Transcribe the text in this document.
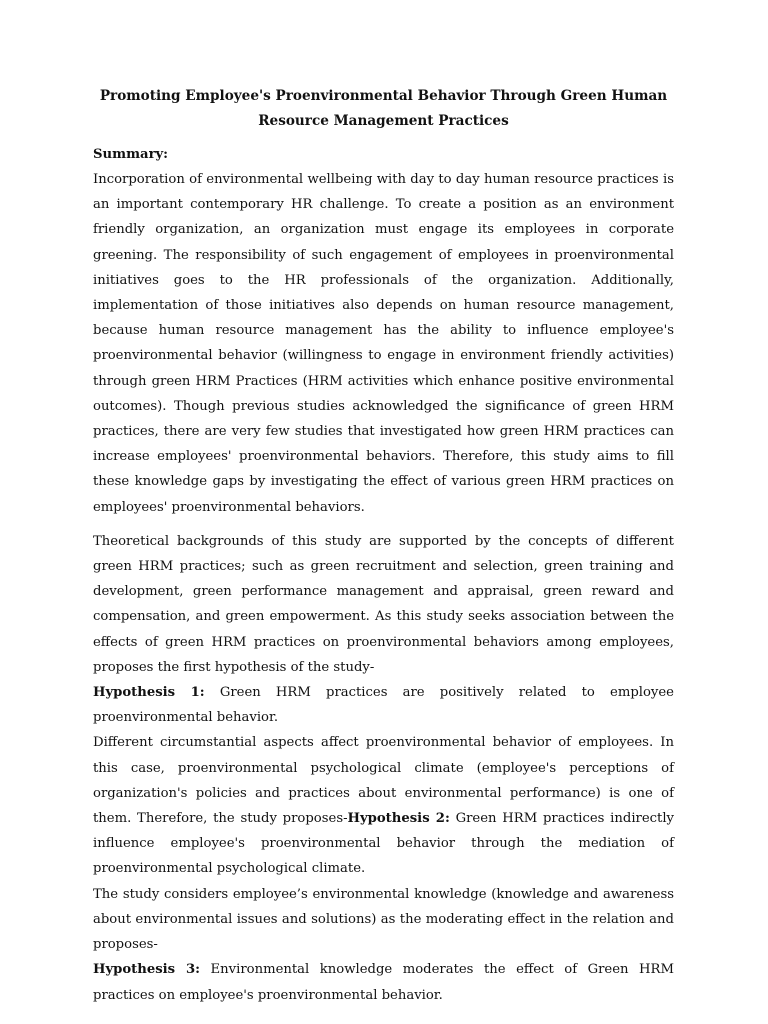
Promoting Employee's Proenvironmental Behavior Through Green Human Resource Management Practices
Summary:

Incorporation of environmental wellbeing with day to day human resource practices is an important contemporary HR challenge. To create a position as an environment friendly organization, an organization must engage its employees in corporate greening. The responsibility of such engagement of employees in proenvironmental initiatives goes to the HR professionals of the organization. Additionally, implementation of those initiatives also depends on human resource management, because human resource management has the ability to influence employee's proenvironmental behavior (willingness to engage in environment friendly activities) through green HRM Practices (HRM activities which enhance positive environmental outcomes). Though previous studies acknowledged the significance of green HRM practices, there are very few studies that investigated how green HRM practices can increase employees' proenvironmental behaviors. Therefore, this study aims to fill these knowledge gaps by investigating the effect of various green HRM practices on employees' proenvironmental behaviors.

Theoretical backgrounds of this study are supported by the concepts of different green HRM practices; such as green recruitment and selection, green training and development, green performance management and appraisal, green reward and compensation, and green empowerment. As this study seeks association between the effects of green HRM practices on proenvironmental behaviors among employees, proposes the first hypothesis of the study-

Hypothesis 1: Green HRM practices are positively related to employee proenvironmental behavior.

Different circumstantial aspects affect proenvironmental behavior of employees. In this case, proenvironmental psychological climate (employee's perceptions of organization's policies and practices about environmental performance) is one of them. Therefore, the study proposes-Hypothesis 2: Green HRM practices indirectly influence employee's proenvironmental behavior through the mediation of proenvironmental psychological climate.

The study considers employee’s environmental knowledge (knowledge and awareness about environmental issues and solutions) as the moderating effect in the relation and proposes-

Hypothesis 3: Environmental knowledge moderates the effect of Green HRM practices on employee's proenvironmental behavior.
